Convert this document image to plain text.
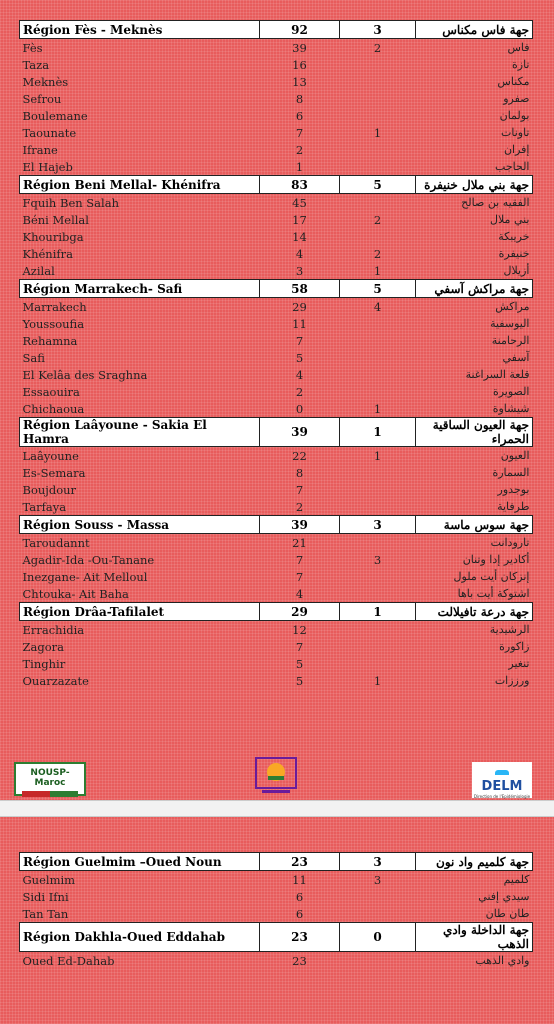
Région Fès - Meknès	92	3	جهة فاس مكناس
Fès	39	2	فاس
Taza	16		تازة
Meknès	13		مكناس
Sefrou	8		صفرو
Boulemane	6		بولمان
Taounate	7	1	تاونات
Ifrane	2		إفران
El Hajeb	1		الحاجب
Région Beni Mellal- Khénifra	83	5	جهة بني ملال خنيفرة
Fquih Ben Salah	45		الفقيه بن صالح
Béni Mellal	17	2	بني ملال
Khouribga	14		خريبكة
Khénifra	4	2	خنيفرة
Azilal	3	1	أزيلال
Région Marrakech- Safi	58	5	جهة مراكش آسفي
Marrakech	29	4	مراكش
Youssoufia	11		اليوسفية
Rehamna	7		الرحامنة
Safi	5		آسفي
El Kelâa des Sraghna	4		قلعة السراغنة
Essaouira	2		الصويرة
Chichaoua	0	1	شيشاوة
Région Laâyoune - Sakia El Hamra	39	1	جهة العيون الساقية الحمراء
Laâyoune	22	1	العيون
Es-Semara	8		السمارة
Boujdour	7		بوجدور
Tarfaya	2		طرفاية
Région Souss - Massa	39	3	جهة سوس ماسة
Taroudannt	21		تارودانت
Agadir-Ida -Ou-Tanane	7	3	أكادير إدا وتنان
Inezgane- Ait Melloul	7		إنزكان أيت ملول
Chtouka- Ait Baha	4		اشتوكة أيت باها
Région Drâa-Tafilalet	29	1	جهة درعة تافيلالت
Errachidia	12		الرشيدية
Zagora	7		زاكورة
Tinghir	5		تنغير
Ouarzazate	5	1	ورززات
NOUSP-Maroc	DELM
Direction de l'Epidémiologie
Région Guelmim –Oued Noun	23	3	جهة كلميم واد نون
Guelmim	11	3	كلميم
Sidi Ifni	6		سيدي إفني
Tan Tan	6		طان طان
Région Dakhla-Oued Eddahab	23	0	جهة الداخلة وادي الذهب
Oued Ed-Dahab	23		وادي الذهب
